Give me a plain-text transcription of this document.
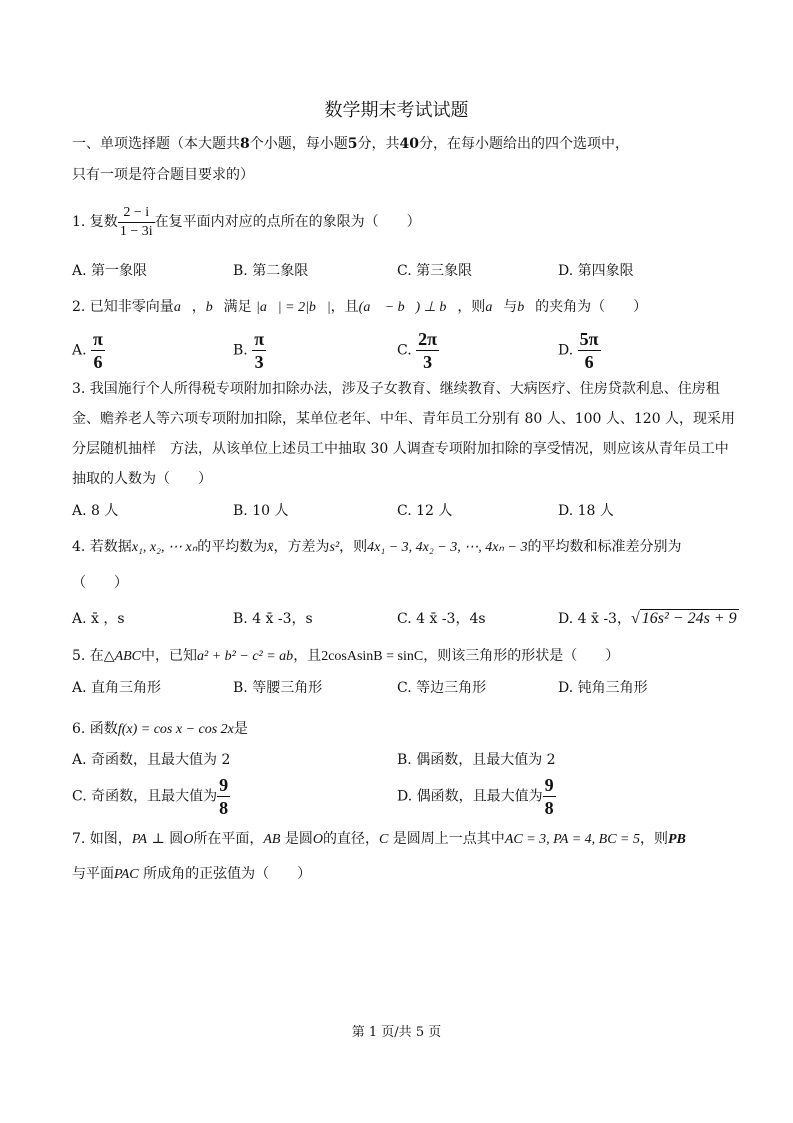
数学期末考试试题
一、单项选择题（本大题共8个小题，每小题5分，共40分，在每小题给出的四个选项中，
只有一项是符合题目要求的）
1. 复数 $\frac{2 - i}{1 - 3i}$ 在复平面内对应的点所在的象限为（　　）
A. 第一象限	B. 第二象限	C. 第三象限	D. 第四象限
2. 已知非零向量a⃗，b⃗满足 |a⃗| = 2|b⃗|，且(a⃗ − b⃗) ⊥ b⃗，则a⃗与b⃗的夹角为（　　）
A. $\frac{\pi}{6}$	B. $\frac{\pi}{3}$	C. $\frac{2\pi}{3}$	D. $\frac{5\pi}{6}$
3. 我国施行个人所得税专项附加扣除办法，涉及子女教育、继续教育、大病医疗、住房贷款利息、住房租
金、赡养老人等六项专项附加扣除，某单位老年、中年、青年员工分别有 80 人、100 人、120 人，现采用
分层随机抽样　方法，从该单位上述员工中抽取 30 人调查专项附加扣除的享受情况，则应该从青年员工中
抽取的人数为（　　）
A. 8 人	B. 10 人	C. 12 人	D. 18 人
4. 若数据x₁, x₂, ⋯ xₙ的平均数为x̄，方差为s²，则4x₁ − 3, 4x₂ − 3, ⋯, 4xₙ − 3的平均数和标准差分别为
（　　）
A. x̄ ，s	B. 4 x̄ -3，s	C. 4 x̄ -3，4s	D. 4 x̄ -3，√ 16s² − 24s + 9
5. 在△ABC中，已知a² + b² − c² = ab，且2cosAsinB = sinC，则该三角形的形状是（　　）
A. 直角三角形	B. 等腰三角形	C. 等边三角形	D. 钝角三角形
6. 函数f(x) = cos x − cos 2x是
A. 奇函数，且最大值为 2	B. 偶函数，且最大值为 2
C. 奇函数，且最大值为 $\frac{9}{8}$	D. 偶函数，且最大值为 $\frac{9}{8}$
7. 如图，PA ⊥ 圆O所在平面，AB 是圆O的直径，C 是圆周上一点其中AC = 3, PA = 4, BC = 5，则PB
与平面PAC 所成角的正弦值为（　　）
第 1 页/共 5 页
